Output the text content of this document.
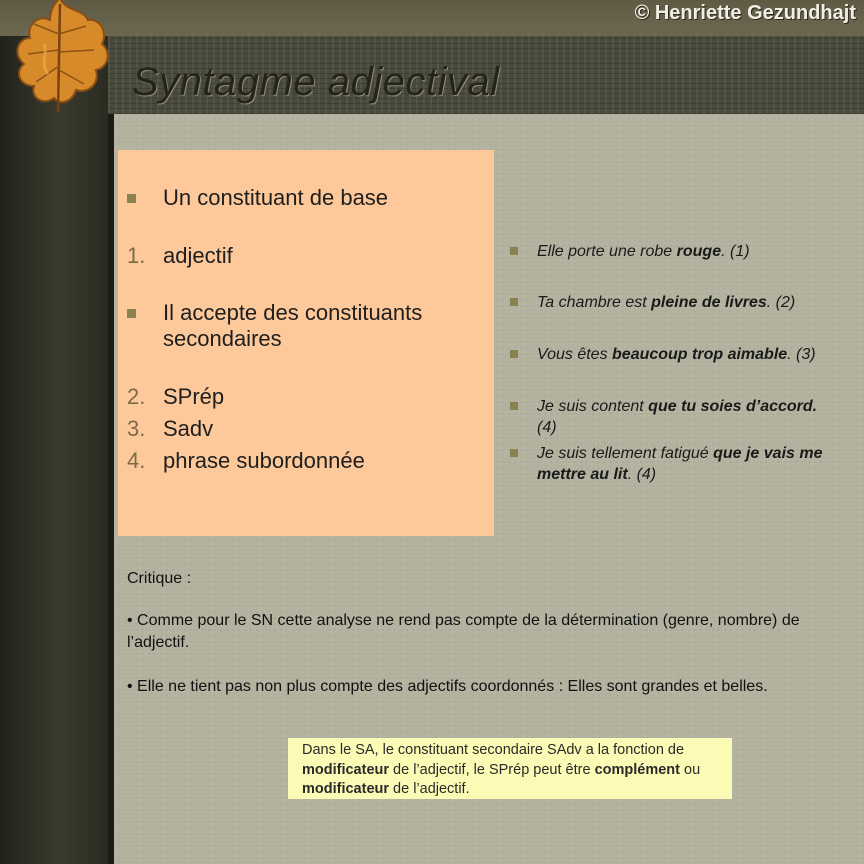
© Henriette Gezundhajt
Syntagme adjectival
Un constituant de base
1. adjectif
Il accepte des constituants secondaires
2. SPrép
3. Sadv
4. phrase subordonnée
Elle porte une robe rouge. (1)
Ta chambre est pleine de livres. (2)
Vous êtes beaucoup trop aimable. (3)
Je suis content que tu soies d’accord. (4)
Je suis tellement fatigué que je vais me mettre au lit. (4)
Critique :
• Comme pour le SN cette analyse ne rend pas compte de la détermination (genre, nombre) de l’adjectif.
• Elle ne tient pas non plus compte des adjectifs coordonnés : Elles sont grandes et belles.
Dans le SA, le constituant secondaire SAdv a la fonction de modificateur de l’adjectif, le SPrép peut être complément ou modificateur de l’adjectif.
